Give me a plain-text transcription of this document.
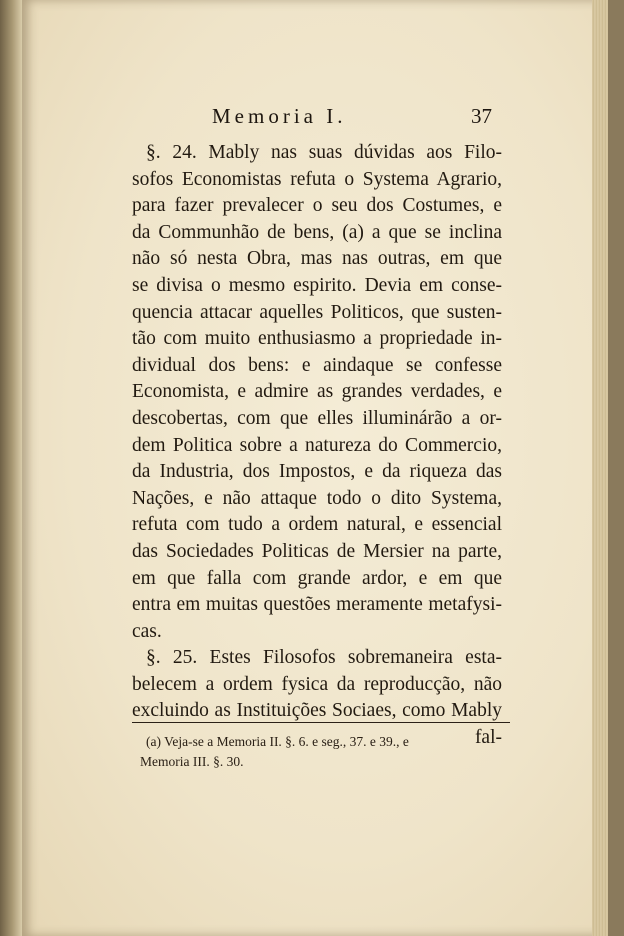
Memoria I.	37
§. 24. Mably nas suas dúvidas aos Filo-
sofos Economistas refuta o Systema Agrario,
para fazer prevalecer o seu dos Costumes, e
da Communhão de bens, (a) a que se inclina
não só nesta Obra, mas nas outras, em que
se divisa o mesmo espirito. Devia em conse-
quencia attacar aquelles Politicos, que susten-
tão com muito enthusiasmo a propriedade in-
dividual dos bens: e aindaque se confesse
Economista, e admire as grandes verdades, e
descobertas, com que elles illuminárão a or-
dem Politica sobre a natureza do Commercio,
da Industria, dos Impostos, e da riqueza das
Nações, e não attaque todo o dito Systema,
refuta com tudo a ordem natural, e essencial
das Sociedades Politicas de Mersier na parte,
em que falla com grande ardor, e em que
entra em muitas questões meramente metafysi-
cas.
§. 25. Estes Filosofos sobremaneira esta-
belecem a ordem fysica da reproducção, não
excluindo as Instituições Sociaes, como Mably
fal-
(a) Veja-se a Memoria II. §. 6. e seg., 37. e 39., e
Memoria III. §. 30.
